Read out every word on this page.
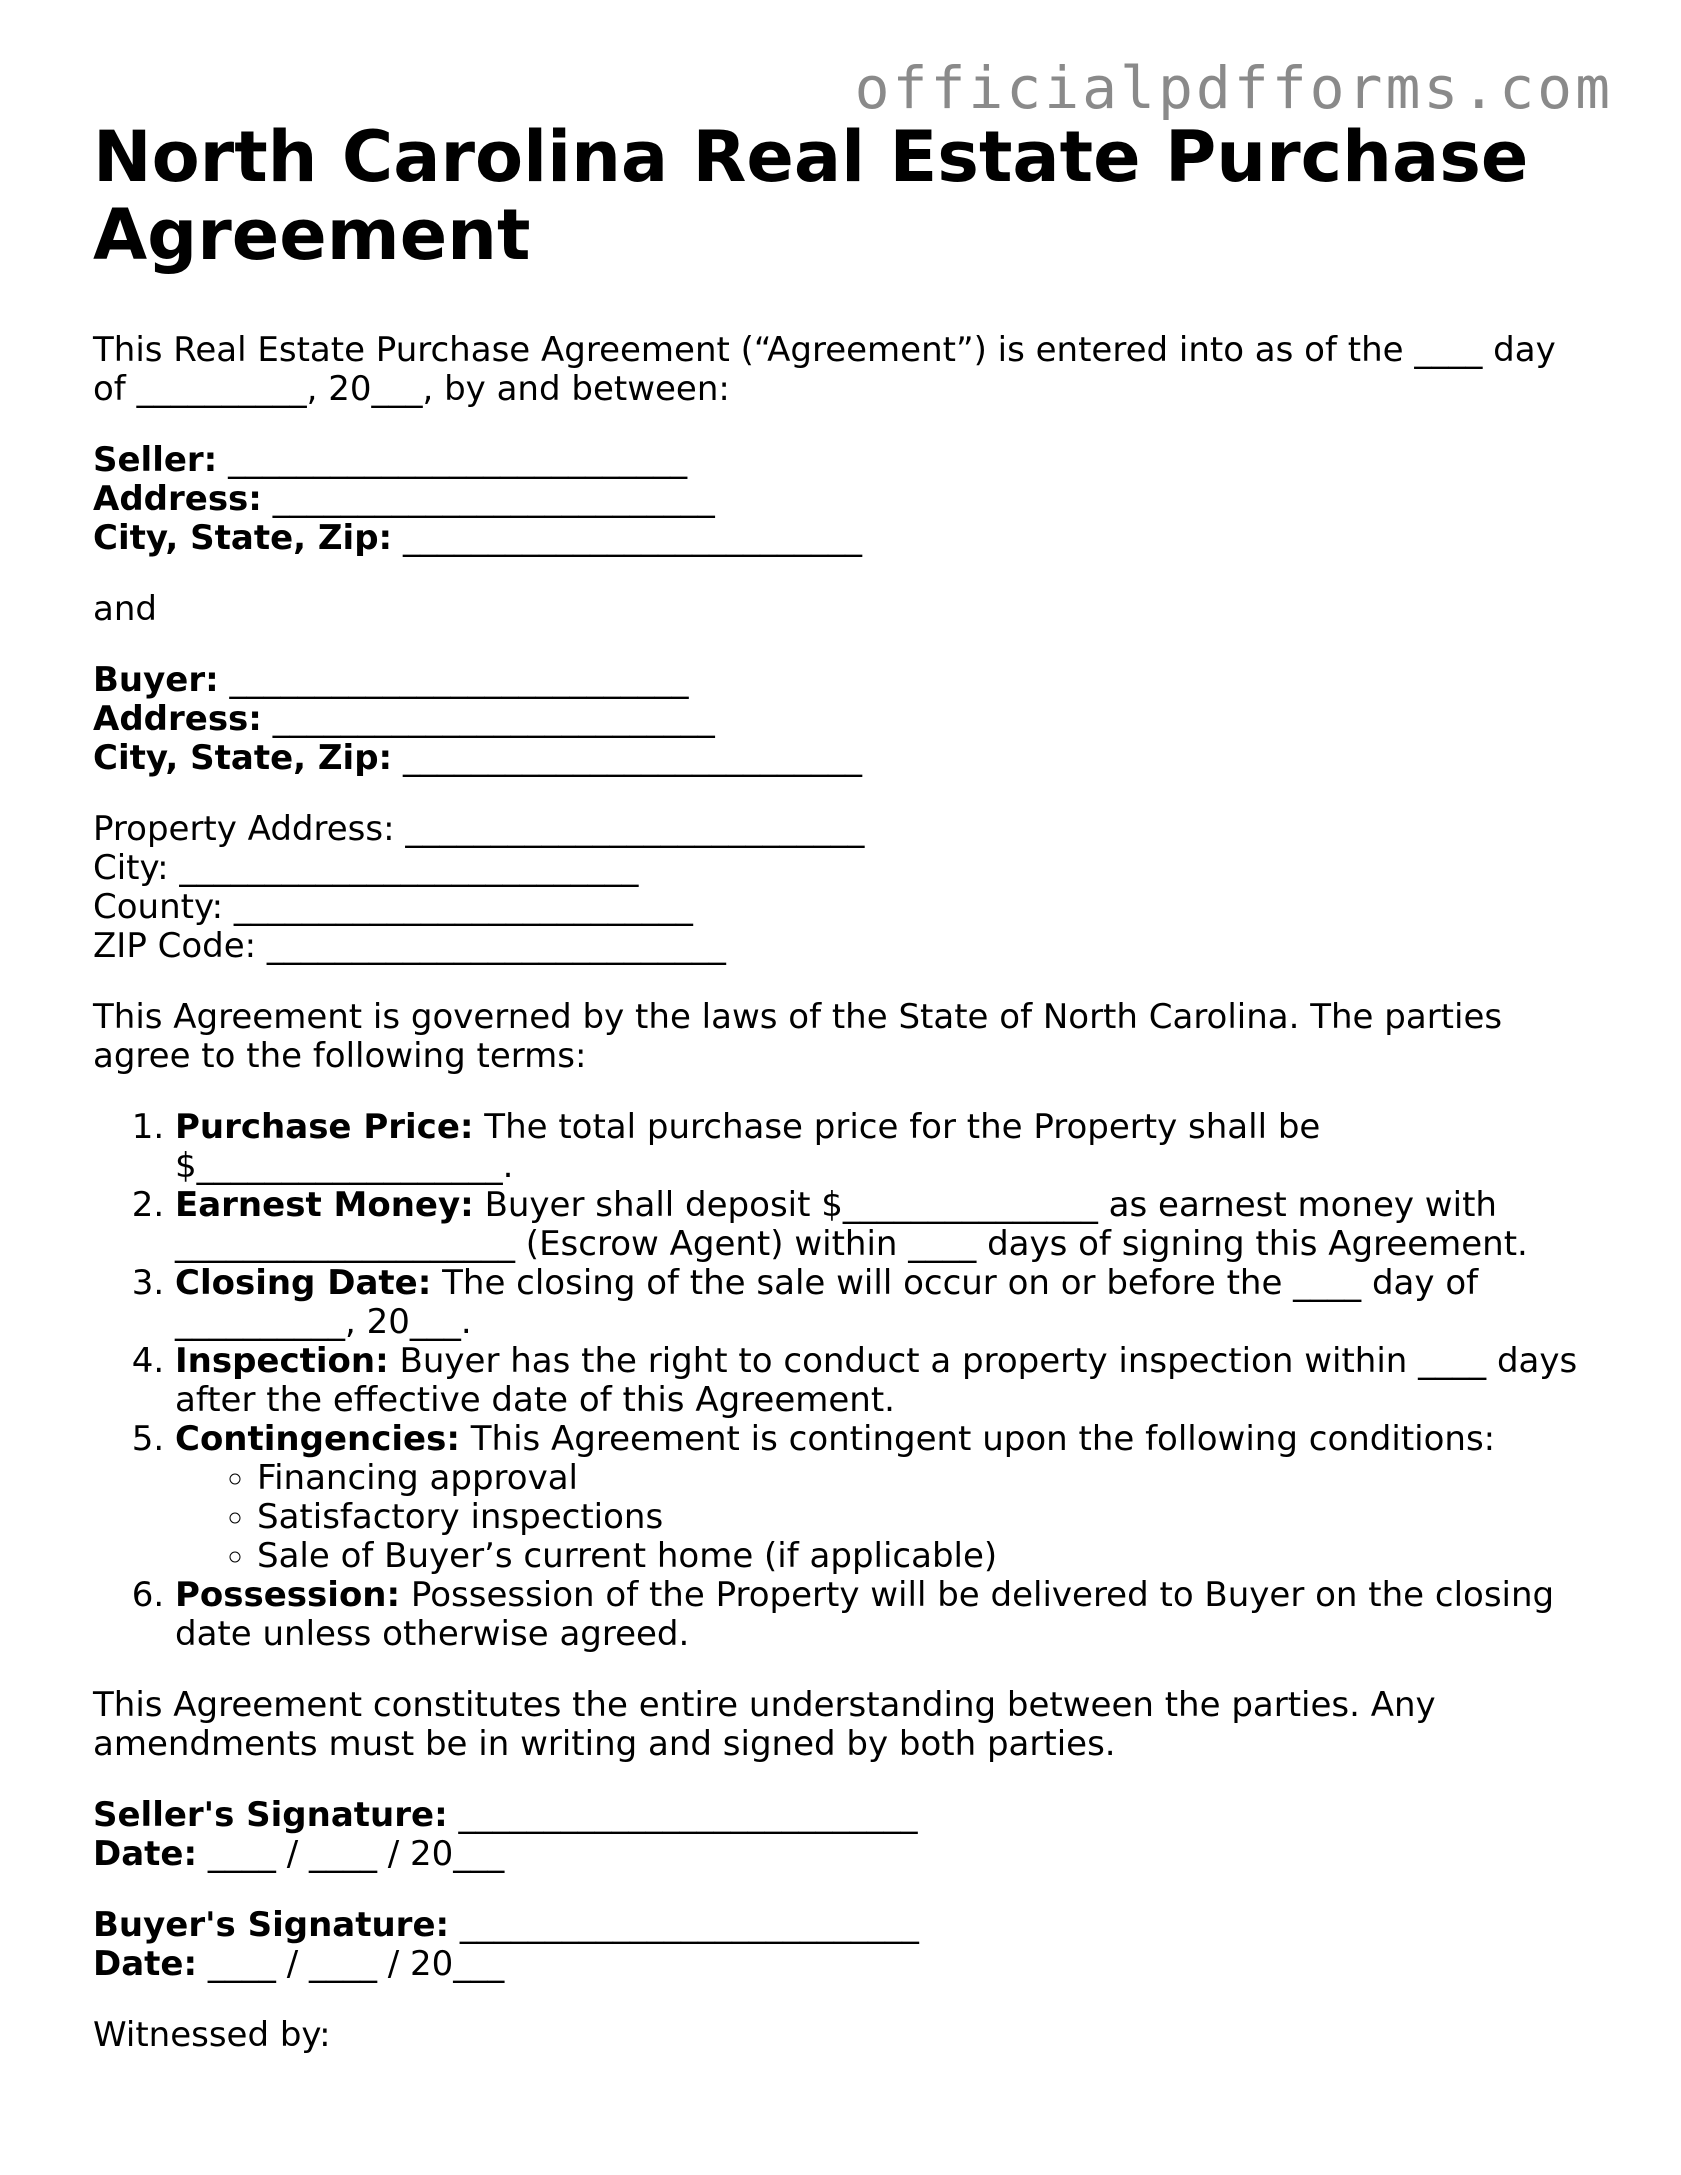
officialpdfforms.com
North Carolina Real Estate Purchase Agreement

This Real Estate Purchase Agreement (“Agreement”) is entered into as of the ____ day of __________, 20___, by and between:

Seller: ___________________________
Address: __________________________
City, State, Zip: ___________________________

and

Buyer: ___________________________
Address: __________________________
City, State, Zip: ___________________________
Property Address: ___________________________
City: ___________________________
County: ___________________________
ZIP Code: ___________________________

This Agreement is governed by the laws of the State of North Carolina. The parties agree to the following terms:

1. Purchase Price: The total purchase price for the Property shall be $__________________.
2. Earnest Money: Buyer shall deposit $_______________ as earnest money with ____________________ (Escrow Agent) within ____ days of signing this Agreement.
3. Closing Date: The closing of the sale will occur on or before the ____ day of __________, 20___.
4. Inspection: Buyer has the right to conduct a property inspection within ____ days after the effective date of this Agreement.
5. Contingencies: This Agreement is contingent upon the following conditions:
◦ Financing approval
◦ Satisfactory inspections
◦ Sale of Buyer’s current home (if applicable)
6. Possession: Possession of the Property will be delivered to Buyer on the closing date unless otherwise agreed.

This Agreement constitutes the entire understanding between the parties. Any amendments must be in writing and signed by both parties.

Seller's Signature: ___________________________
Date: ____ / ____ / 20___
Buyer's Signature: ___________________________
Date: ____ / ____ / 20___

Witnessed by:
